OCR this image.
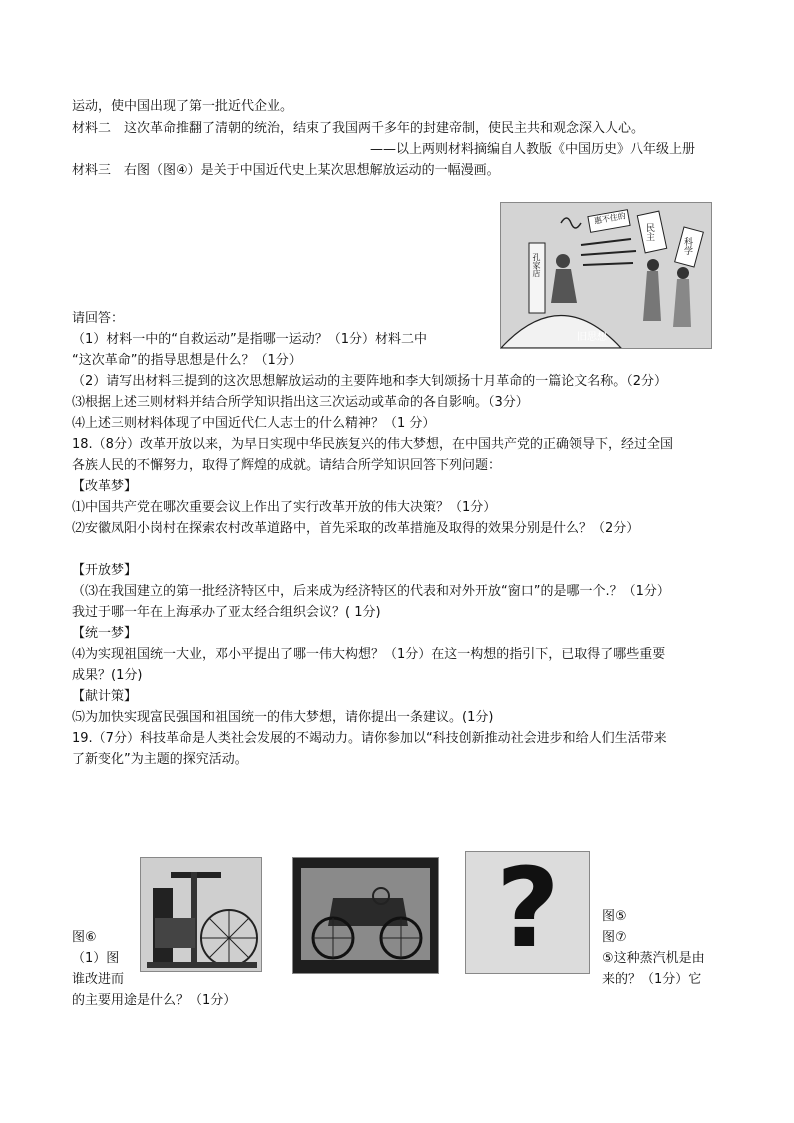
运动，使中国出现了第一批近代企业。
材料二　这次革命推翻了清朝的统治，结束了我国两千多年的封建帝制，使民主共和观念深入人心。
——以上两则材料摘编自人教版《中国历史》八年级上册
材料三　右图（图④）是关于中国近代史上某次思想解放运动的一幅漫画。
惠不住的
民主
科学
孔家店
旧思想
请回答：
（1）材料一中的“自救运动”是指哪一运动？（1分）材料二中
“这次革命”的指导思想是什么？（1分）
（2）请写出材料三提到的这次思想解放运动的主要阵地和李大钊颂扬十月革命的一篇论文名称。（2分）
⑶根据上述三则材料并结合所学知识指出这三次运动或革命的各自影响。（3分）
⑷上述三则材料体现了中国近代仁人志士的什么精神？（1 分）
18.（8分）改革开放以来，为早日实现中华民族复兴的伟大梦想，在中国共产党的正确领导下，经过全国
各族人民的不懈努力，取得了辉煌的成就。请结合所学知识回答下列问题：
【改革梦】
⑴中国共产党在哪次重要会议上作出了实行改革开放的伟大决策？（1分）
⑵安徽凤阳小岗村在探索农村改革道路中，首先采取的改革措施及取得的效果分别是什么？（2分）
【开放梦】
（⑶在我国建立的第一批经济特区中，后来成为经济特区的代表和对外开放“窗口”的是哪一个.？（1分）
我过于哪一年在上海承办了亚太经合组织会议？( 1分)
【统一梦】
⑷为实现祖国统一大业，邓小平提出了哪一伟大构想？（1分）在这一构想的指引下，已取得了哪些重要
成果？(1分)
【献计策】
⑸为加快实现富民强国和祖国统一的伟大梦想，请你提出一条建议。(1分)
19.（7分）科技革命是人类社会发展的不竭动力。请你参加以“科技创新推动社会进步和给人们生活带来
了新变化”为主题的探究活动。
?	图⑤
图⑥	图⑦
（1）图	⑤这种蒸汽机是由
谁改进而	来的？（1分）它
的主要用途是什么？（1分）
